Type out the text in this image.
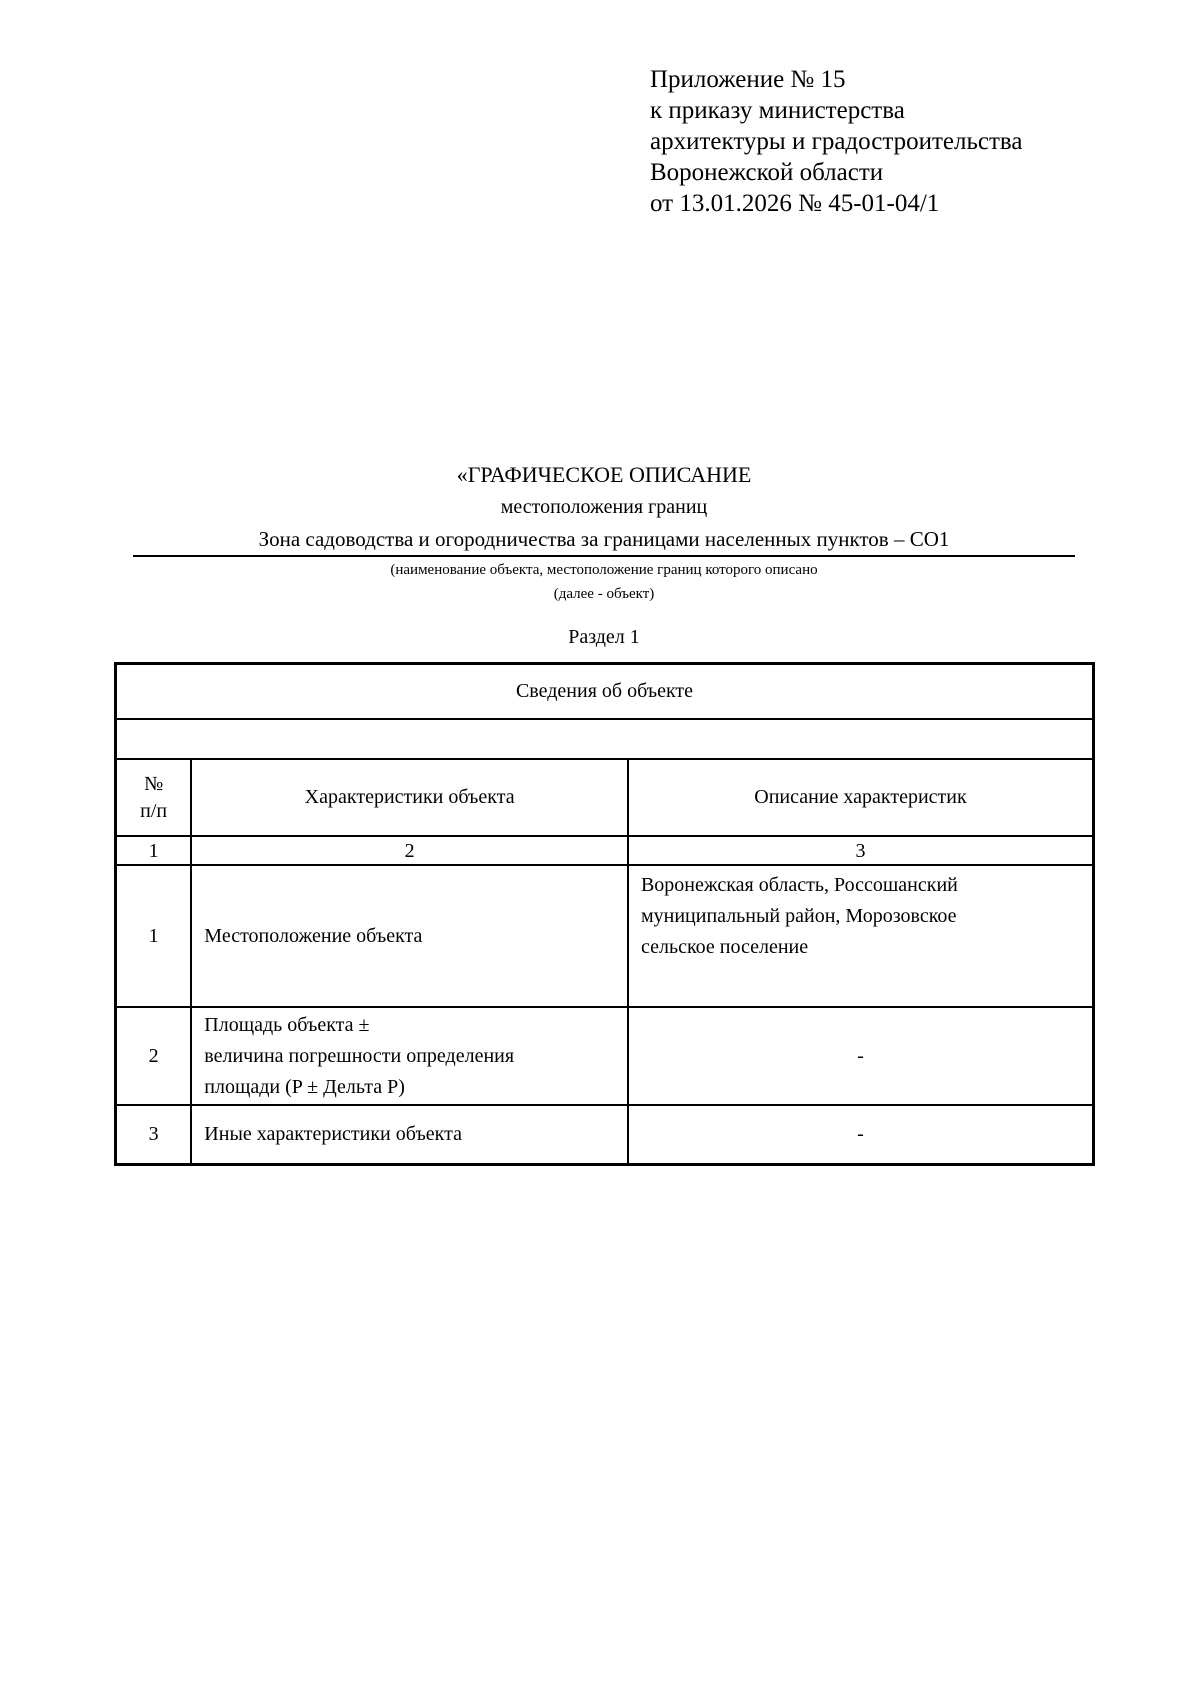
Приложение № 15
к приказу министерства
архитектуры и градостроительства
Воронежской области
от 13.01.2026 № 45-01-04/1
«ГРАФИЧЕСКОЕ ОПИСАНИЕ
местоположения границ
Зона садоводства и огородничества за границами населенных пунктов – СО1
(наименование объекта, местоположение границ которого описано
(далее - объект)
Раздел 1
Сведения об объекте		

№
п/п	Характеристики объекта	Описание характеристик
1	2	3
1	Местоположение объекта	Воронежская область, Россошанский
муниципальный район, Морозовское
сельское поселение

2	Площадь объекта ±
величина погрешности определения
площади (P ± Дельта P)	-
3	Иные характеристики объекта	-
